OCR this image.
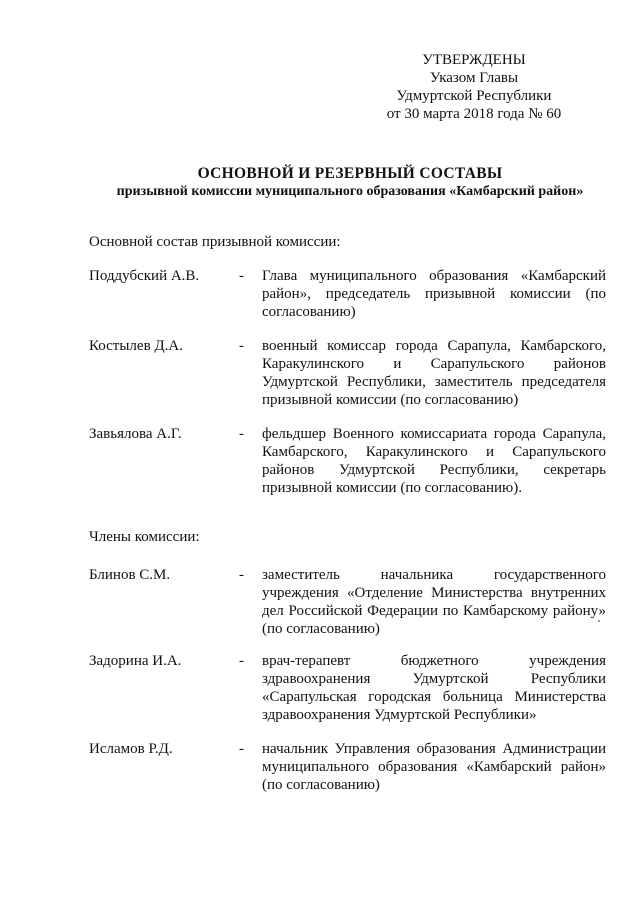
УТВЕРЖДЕНЫ
Указом Главы
Удмуртской Республики
от 30 марта 2018 года № 60
ОСНОВНОЙ И РЕЗЕРВНЫЙ СОСТАВЫ
призывной комиссии муниципального образования «Камбарский район»
Основной состав призывной комиссии:
Поддубский А.В.	- Глава муниципального образования «Камбарский район», председатель призывной комиссии (по согласованию)
Костылев Д.А.	- военный комиссар города Сарапула, Камбарского, Каракулинского и Сарапульского районов Удмуртской Республики, заместитель председателя призывной комиссии (по согласованию)
Завьялова А.Г.	- фельдшер Военного комиссариата города Сарапула, Камбарского, Каракулинского и Сарапульского районов Удмуртской Республики, секретарь призывной комиссии (по согласованию).
Члены комиссии:
Блинов С.М.	- заместитель начальника государственного учреждения «Отделение Министерства внутренних дел Российской Федерации по Камбарскому району» (по согласованию)
Задорина И.А.	- врач-терапевт бюджетного учреждения здравоохранения Удмуртской Республики «Сарапульская городская больница Министерства здравоохранения Удмуртской Республики»
Исламов Р.Д.	- начальник Управления образования Администрации муниципального образования «Камбарский район» (по согласованию)
